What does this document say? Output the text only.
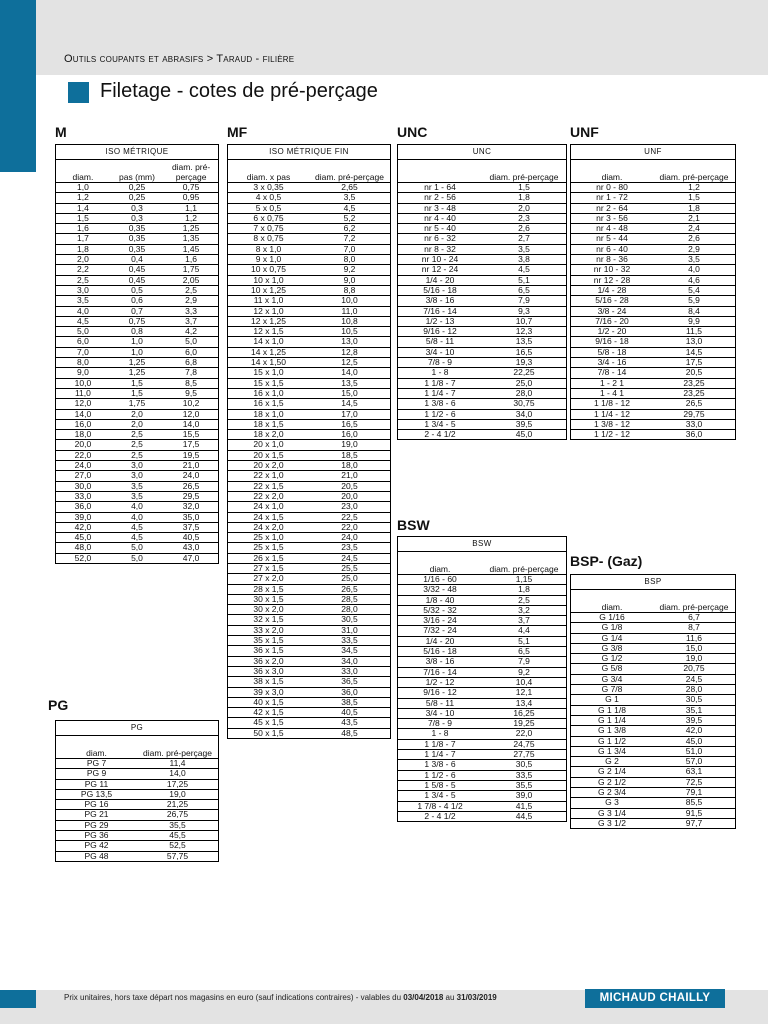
Outils coupants et abrasifs > Taraud - filière
Filetage - cotes de pré-perçage
M	MF	UNC	UNF
BSW
BSP- (Gaz)
PG
ISO MÉTRIQUE		
diam.	pas (mm)	diam. pré-perçage
1,0	0,25	0,75
1,2	0,25	0,95
1,4	0,3	1,1
1,5	0,3	1,2
1,6	0,35	1,25
1,7	0,35	1,35
1,8	0,35	1,45
2,0	0,4	1,6
2,2	0,45	1,75
2,5	0,45	2,05
3,0	0,5	2,5
3,5	0,6	2,9
4,0	0,7	3,3
4,5	0,75	3,7
5,0	0,8	4,2
6,0	1,0	5,0
7,0	1,0	6,0
8,0	1,25	6,8
9,0	1,25	7,8
10,0	1,5	8,5
11,0	1,5	9,5
12,0	1,75	10,2
14,0	2,0	12,0
16,0	2,0	14,0
18,0	2,5	15,5
20,0	2,5	17,5
22,0	2,5	19,5
24,0	3,0	21,0
27,0	3,0	24,0
30,0	3,5	26,5
33,0	3,5	29,5
36,0	4,0	32,0
39,0	4,0	35,0
42,0	4,5	37,5
45,0	4,5	40,5
48,0	5,0	43,0
52,0	5,0	47,0
ISO MÉTRIQUE FIN	
diam. x pas	diam. pré-perçage
3 x 0,35	2,65
4 x 0,5	3,5
5 x 0,5	4,5
6 x 0,75	5,2
7 x 0,75	6,2
8 x 0,75	7,2
8 x 1,0	7,0
9 x 1,0	8,0
10 x 0,75	9,2
10 x 1,0	9,0
10 x 1,25	8,8
11 x 1,0	10,0
12 x 1,0	11,0
12 x 1,25	10,8
12 x 1,5	10,5
14 x 1,0	13,0
14 x 1,25	12,8
14 x 1,50	12,5
15 x 1,0	14,0
15 x 1,5	13,5
16 x 1,0	15,0
16 x 1,5	14,5
18 x 1,0	17,0
18 x 1,5	16,5
18 x 2,0	16,0
20 x 1,0	19,0
20 x 1,5	18,5
20 x 2,0	18,0
22 x 1,0	21,0
22 x 1,5	20,5
22 x 2,0	20,0
24 x 1,0	23,0
24 x 1,5	22,5
24 x 2,0	22,0
25 x 1,0	24,0
25 x 1,5	23,5
26 x 1,5	24,5
27 x 1,5	25,5
27 x 2,0	25,0
28 x 1,5	26,5
30 x 1,5	28,5
30 x 2,0	28,0
32 x 1,5	30,5
33 x 2,0	31,0
35 x 1,5	33,5
36 x 1,5	34,5
36 x 2,0	34,0
36 x 3,0	33,0
38 x 1,5	36,5
39 x 3,0	36,0
40 x 1,5	38,5
42 x 1,5	40,5
45 x 1,5	43,5
50 x 1,5	48,5
UNC	
	diam. pré-perçage
nr 1 - 64	1,5
nr 2 - 56	1,8
nr 3 - 48	2,0
nr 4 - 40	2,3
nr 5 - 40	2,6
nr 6 - 32	2,7
nr 8 - 32	3,5
nr 10 - 24	3,8
nr 12 - 24	4,5
1/4 - 20	5,1
5/16 - 18	6,5
3/8 - 16	7,9
7/16 - 14	9,3
1/2 - 13	10,7
9/16 - 12	12,3
5/8 - 11	13,5
3/4 - 10	16,5
7/8 - 9	19,3
1 - 8	22,25
1 1/8 - 7	25,0
1 1/4 - 7	28,0
1 3/8 - 6	30,75
1 1/2 - 6	34,0
1 3/4 - 5	39,5
2 - 4 1/2	45,0
UNF	
diam.	diam. pré-perçage
nr 0 - 80	1,2
nr 1 - 72	1,5
nr 2 - 64	1,8
nr 3 - 56	2,1
nr 4 - 48	2,4
nr 5 - 44	2,6
nr 6 - 40	2,9
nr 8 - 36	3,5
nr 10 - 32	4,0
nr 12 - 28	4,6
1/4 - 28	5,4
5/16 - 28	5,9
3/8 - 24	8,4
7/16 - 20	9,9
1/2 - 20	11,5
9/16 - 18	13,0
5/8 - 18	14,5
3/4 - 16	17,5
7/8 - 14	20,5
1 - 2 1	23,25
1 - 4 1	23,25
1 1/8 - 12	26,5
1 1/4 - 12	29,75
1 3/8 - 12	33,0
1 1/2 - 12	36,0
BSW	
diam.	diam. pré-perçage
1/16 - 60	1,15
3/32 - 48	1,8
1/8 - 40	2,5
5/32 - 32	3,2
3/16 - 24	3,7
7/32 - 24	4,4
1/4 - 20	5,1
5/16 - 18	6,5
3/8 - 16	7,9
7/16 - 14	9,2
1/2 - 12	10,4
9/16 - 12	12,1
5/8 - 11	13,4
3/4 - 10	16,25
7/8 - 9	19,25
1 - 8	22,0
1 1/8 - 7	24,75
1 1/4 - 7	27,75
1 3/8 - 6	30,5
1 1/2 - 6	33,5
1 5/8 - 5	35,5
1 3/4 - 5	39,0
1 7/8 - 4 1/2	41,5
2 - 4 1/2	44,5
BSP	
diam.	diam. pré-perçage
G 1/16	6,7
G 1/8	8,7
G 1/4	11,6
G 3/8	15,0
G 1/2	19,0
G 5/8	20,75
G 3/4	24,5
G 7/8	28,0
G 1	30,5
G 1 1/8	35,1
G 1 1/4	39,5
G 1 3/8	42,0
G 1 1/2	45,0
G 1 3/4	51,0
G 2	57,0
G 2 1/4	63,1
G 2 1/2	72,5
G 2 3/4	79,1
G 3	85,5
G 3 1/4	91,5
G 3 1/2	97,7
PG	
diam.	diam. pré-perçage
PG 7	11,4
PG 9	14,0
PG 11	17,25
PG 13,5	19,0
PG 16	21,25
PG 21	26,75
PG 29	35,5
PG 36	45,5
PG 42	52,5
PG 48	57,75
Prix unitaires, hors taxe départ nos magasins en euro (sauf indications contraires) - valables du 03/04/2018 au 31/03/2019	MICHAUD CHAILLY
